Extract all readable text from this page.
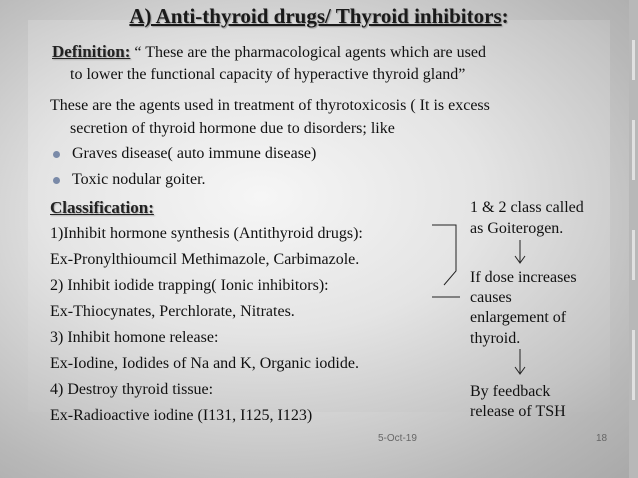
A) Anti-thyroid drugs/ Thyroid inhibitors:
Definition: “ These are the pharmacological agents which are used
to lower the functional capacity of hyperactive thyroid gland”
These are the agents used in treatment of thyrotoxicosis ( It is excess
secretion of thyroid hormone due to disorders; like
Graves disease( auto immune disease)
Toxic nodular goiter.
Classification:
1)Inhibit hormone synthesis (Antithyroid drugs):
Ex-Pronylthioumcil Methimazole, Carbimazole.
2) Inhibit iodide trapping( Ionic inhibitors):
Ex-Thiocynates, Perchlorate, Nitrates.
3) Inhibit homone release:
Ex-Iodine, Iodides of Na and K, Organic iodide.
4) Destroy thyroid tissue:
Ex-Radioactive iodine (I131, I125, I123)
1 & 2 class called
as Goiterogen.
If dose increases
causes
enlargement of
thyroid.
By feedback
release of TSH
5-Oct-19	18
